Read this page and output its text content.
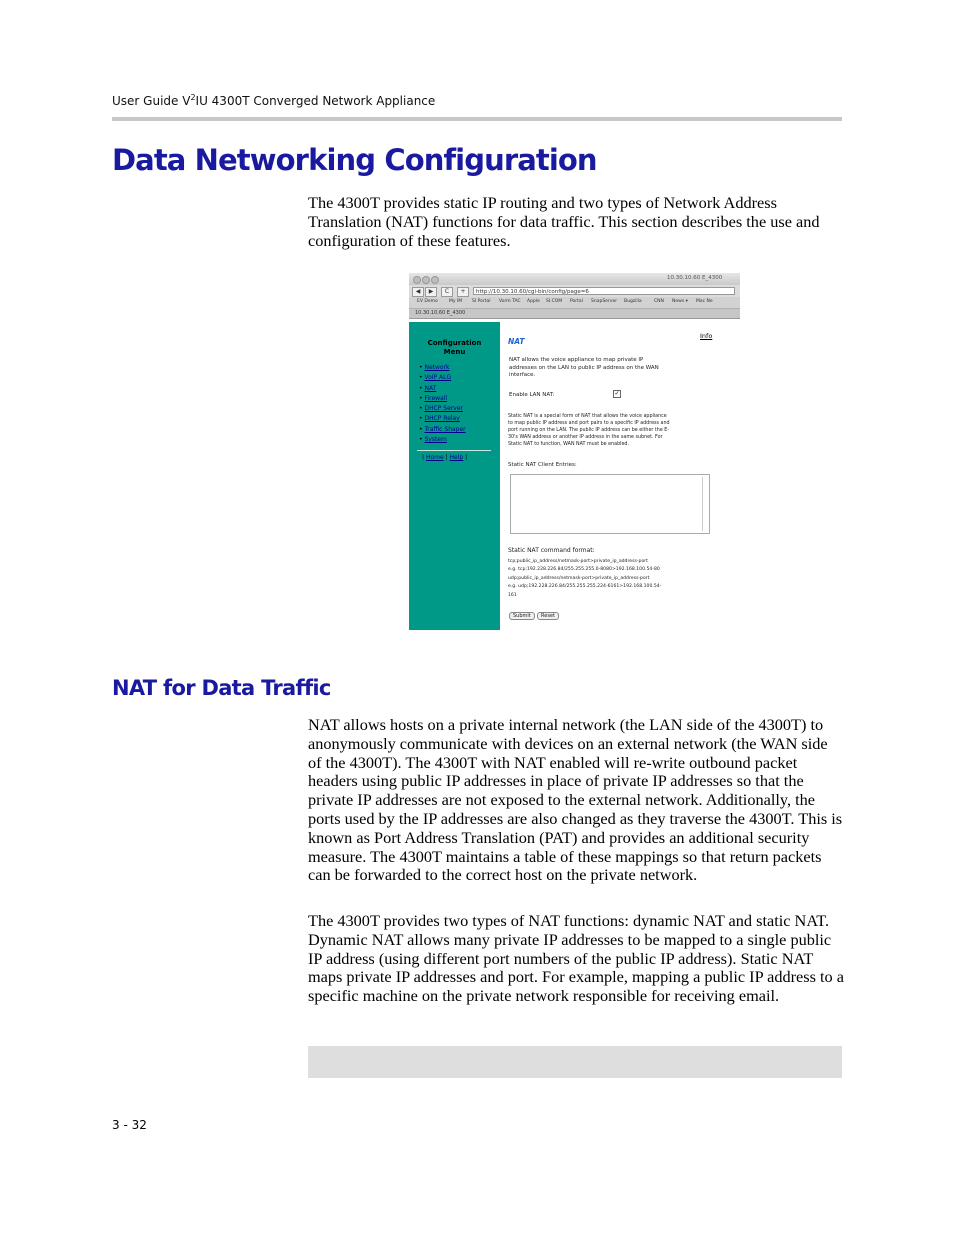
User Guide $V^2IU$ 4300T Converged Network Appliance
Data Networking Configuration
The 4300T provides static IP routing and two types of Network Address Translation (NAT) functions for data traffic. This section describes the use and configuration of these features.
10.30.10.60 E_4300
◀	▶	C	+	http://10.30.10.60/cgi-bin/config/page=6
EV Demo	My IM SI Portal Vorm TAC Apple SI.COM Portal SnapServer Bugzilla	CNN News ▾ Mac Ne
10.30.10.60 E_4300
Configuration
Menu
• Network
• VoIP ALG
• NAT
• Firewall
• DHCP Server
• DHCP Relay
• Traffic Shaper
• System
| Home | Help |
NAT
Info
NAT allows the voice appliance to map private IP
addresses on the LAN to public IP address on the WAN
interface.
Enable LAN NAT:	✓
Static NAT is a special form of NAT that allows the voice appliance
to map public IP address and port pairs to a specific IP address and
port running on the LAN. The public IP address can be either the E-
30's WAN address or another IP address in the same subnet. For
Static NAT to function, WAN NAT must be enabled.
Static NAT Client Entries:
Static NAT command format:
tcp;public_ip_address/netmask-port>private_ip_address-port
e.g. tcp;192.228.226.84/255.255.255.0-8080>192.168.100.54-80
udp;public_ip_address/netmask-port>private_ip_address-port
e.g. udp;192.228.226.84/255.255.255.224-6161>192.168.100.54-
161
Submit	Reset
NAT for Data Traffic
NAT allows hosts on a private internal network (the LAN side of the 4300T) to anonymously communicate with devices on an external network (the WAN side of the 4300T). The 4300T with NAT enabled will re-write outbound packet headers using public IP addresses in place of private IP addresses so that the private IP addresses are not exposed to the external network. Additionally, the ports used by the IP addresses are also changed as they traverse the 4300T. This is known as Port Address Translation (PAT) and provides an additional security measure. The 4300T maintains a table of these mappings so that return packets can be forwarded to the correct host on the private network.
The 4300T provides two types of NAT functions: dynamic NAT and static NAT. Dynamic NAT allows many private IP addresses to be mapped to a single public IP address (using different port numbers of the public IP address). Static NAT maps private IP addresses and port. For example, mapping a public IP address to a specific machine on the private network responsible for receiving email.
3 - 32
